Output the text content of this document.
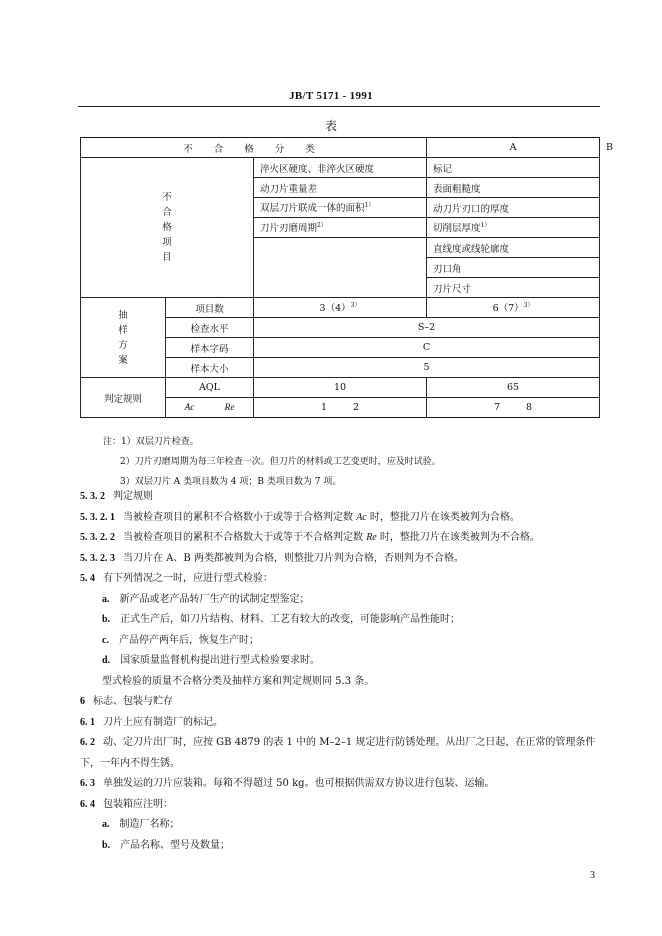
JB/T 5171 - 1991
表
不 合 格 分 类			A	B
不合格项目		淬火区硬度、非淬火区硬度	标记	
		动刀片重量差	表面粗糙度	
		双层刀片联成一体的面积$^{1)}$	动刀片刃口的厚度	
		刀片刃磨周期$^{2)}$	切削层厚度$^{1)}$
			直线度或线轮廓度	
			刃口角	
			刀片尺寸	
抽样方案	项目数	$3(4)^{3)}$	$6(7)^{3)}$
	检查水平	S–2		
	样本字码	C		
	样本大小	5		
判定规则	AQL	10	65	
	Ac Re	1 2	7 8	
注：1）双层刀片检查。
2）刀片刃磨周期为每三年检查一次。但刀片的材料或工艺变更时，应及时试验。
3）双层刀片 A 类项目数为 4 项；B 类项目数为 7 项。
5. 3. 2 判定规则
5. 3. 2. 1 当被检查项目的累积不合格数小于或等于合格判定数 Ac 时，整批刀片在该类被判为合格。
5. 3. 2. 2 当被检查项目的累积不合格数大于或等于不合格判定数 Re 时，整批刀片在该类被判为不合格。
5. 3. 2. 3 当刀片在 A、B 两类都被判为合格，则整批刀片判为合格，否则判为不合格。
5. 4 有下列情况之一时，应进行型式检验：
a. 新产品或老产品转厂生产的试制定型鉴定；
b. 正式生产后，如刀片结构、材料、工艺有较大的改变，可能影响产品性能时；
c. 产品停产两年后，恢复生产时；
d. 国家质量监督机构提出进行型式检验要求时。
型式检验的质量不合格分类及抽样方案和判定规则同 5.3 条。
6 标志、包装与贮存
6. 1 刀片上应有制造厂的标记。
6. 2 动、定刀片出厂时，应按 GB 4879 的表 1 中的 M–2–1 规定进行防锈处理。从出厂之日起，在正常的管理条件下，一年内不得生锈。
6. 3 单独发运的刀片应装箱。每箱不得超过 50 kg。也可根据供需双方协议进行包装、运输。
6. 4 包装箱应注明：
a. 制造厂名称；
b. 产品名称、型号及数量；
3
